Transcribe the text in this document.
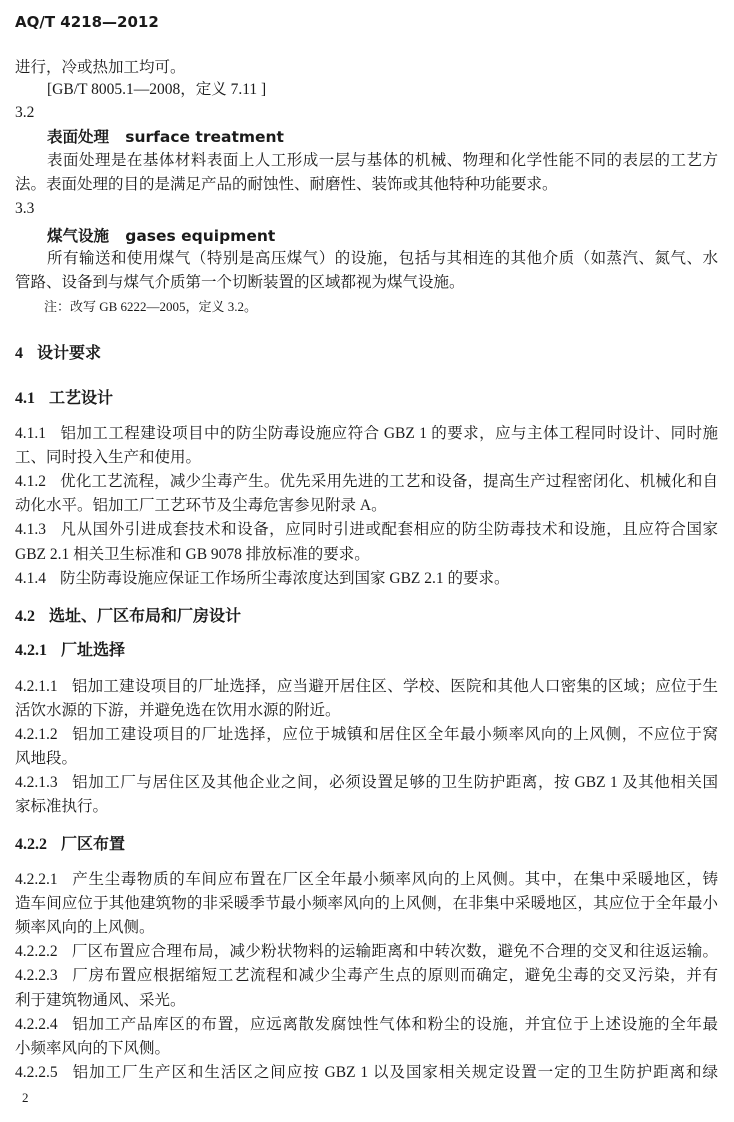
AQ/T 4218—2012
进行，冷或热加工均可。
[GB/T 8005.1—2008，定义 7.11 ]
3.2
表面处理 surface treatment
表面处理是在基体材料表面上人工形成一层与基体的机械、物理和化学性能不同的表层的工艺方
法。表面处理的目的是满足产品的耐蚀性、耐磨性、装饰或其他特种功能要求。
3.3
煤气设施 gases equipment
所有输送和使用煤气（特别是高压煤气）的设施，包括与其相连的其他介质（如蒸汽、氮气、水
管路、设备到与煤气介质第一个切断装置的区域都视为煤气设施。
注：改写 GB 6222—2005，定义 3.2。
4 设计要求
4.1 工艺设计
4.1.1 铝加工工程建设项目中的防尘防毒设施应符合 GBZ 1 的要求，应与主体工程同时设计、同时施
工、同时投入生产和使用。
4.1.2 优化工艺流程，减少尘毒产生。优先采用先进的工艺和设备，提高生产过程密闭化、机械化和自
动化水平。铝加工厂工艺环节及尘毒危害参见附录 A。
4.1.3 凡从国外引进成套技术和设备，应同时引进或配套相应的防尘防毒技术和设施，且应符合国家
GBZ 2.1 相关卫生标准和 GB 9078 排放标准的要求。
4.1.4 防尘防毒设施应保证工作场所尘毒浓度达到国家 GBZ 2.1 的要求。
4.2 选址、厂区布局和厂房设计
4.2.1 厂址选择
4.2.1.1 铝加工建设项目的厂址选择，应当避开居住区、学校、医院和其他人口密集的区域；应位于生
活饮水源的下游，并避免选在饮用水源的附近。
4.2.1.2 铝加工建设项目的厂址选择，应位于城镇和居住区全年最小频率风向的上风侧，不应位于窝
风地段。
4.2.1.3 铝加工厂与居住区及其他企业之间，必须设置足够的卫生防护距离，按 GBZ 1 及其他相关国
家标准执行。
4.2.2 厂区布置
4.2.2.1 产生尘毒物质的车间应布置在厂区全年最小频率风向的上风侧。其中，在集中采暖地区，铸
造车间应位于其他建筑物的非采暖季节最小频率风向的上风侧，在非集中采暖地区，其应位于全年最小
频率风向的上风侧。
4.2.2.2 厂区布置应合理布局，减少粉状物料的运输距离和中转次数，避免不合理的交叉和往返运输。
4.2.2.3 厂房布置应根据缩短工艺流程和减少尘毒产生点的原则而确定，避免尘毒的交叉污染，并有
利于建筑物通风、采光。
4.2.2.4 铝加工产品库区的布置，应远离散发腐蚀性气体和粉尘的设施，并宜位于上述设施的全年最
小频率风向的下风侧。
4.2.2.5 铝加工厂生产区和生活区之间应按 GBZ 1 以及国家相关规定设置一定的卫生防护距离和绿
2
